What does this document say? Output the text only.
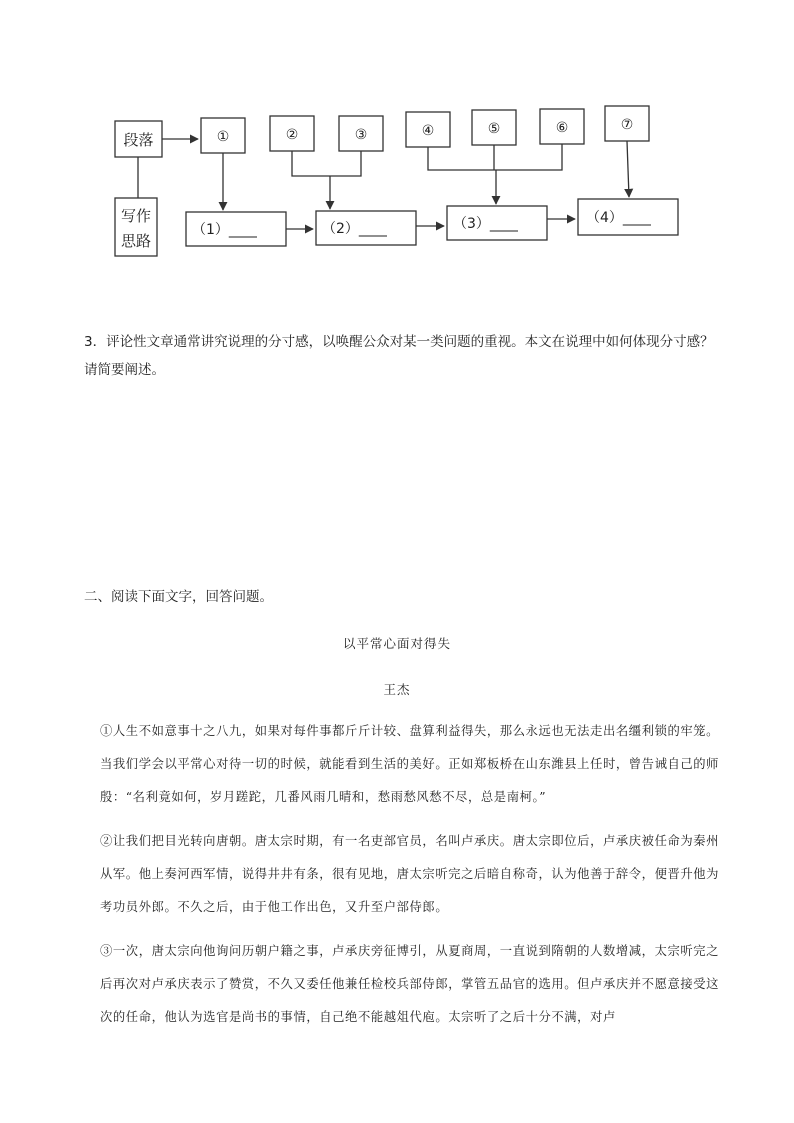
段落	①	②	③	④	⑤	⑥	⑦
写作
思路
（1）____	（2）____	（3）____	（4）____
3．评论性文章通常讲究说理的分寸感，以唤醒公众对某一类问题的重视。本文在说理中如何体现分寸感？
请简要阐述。
二、阅读下面文字，回答问题。
以平常心面对得失
王杰

①人生不如意事十之八九，如果对每件事都斤斤计较、盘算利益得失，那么永远也无法走出名缰利锁的牢笼。当我们学会以平常心对待一切的时候，就能看到生活的美好。正如郑板桥在山东潍县上任时，曾告诫自己的师殷：“名利竟如何，岁月蹉跎，几番风雨几晴和，愁雨愁风愁不尽，总是南柯。”

②让我们把目光转向唐朝。唐太宗时期，有一名吏部官员，名叫卢承庆。唐太宗即位后，卢承庆被任命为秦州从军。他上奏河西军情，说得井井有条，很有见地，唐太宗听完之后暗自称奇，认为他善于辞令，便晋升他为考功员外郎。不久之后，由于他工作出色，又升至户部侍郎。

③一次，唐太宗向他询问历朝户籍之事，卢承庆旁征博引，从夏商周，一直说到隋朝的人数增减，太宗听完之后再次对卢承庆表示了赞赏，不久又委任他兼任检校兵部侍郎，掌管五品官的选用。但卢承庆并不愿意接受这次的任命，他认为选官是尚书的事情，自己绝不能越俎代庖。太宗听了之后十分不满，对卢
